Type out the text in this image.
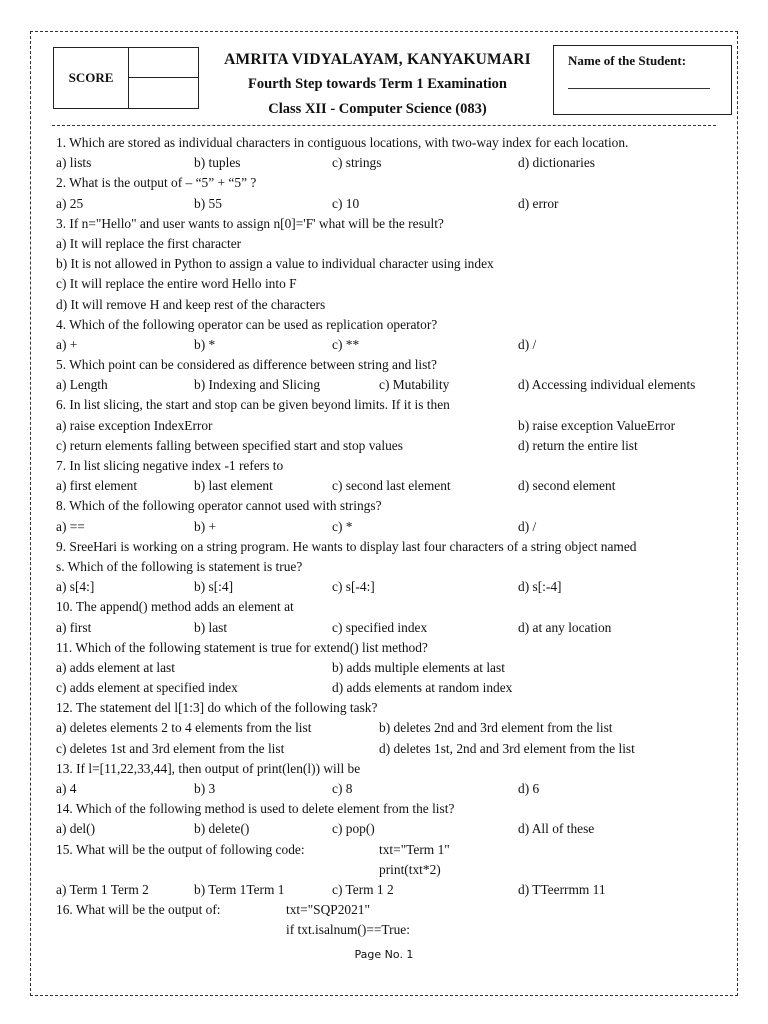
SCORE
AMRITA VIDYALAYAM, KANYAKUMARI
Fourth Step towards Term 1 Examination
Class XII - Computer Science (083)
Name of the Student:
1. Which are stored as individual characters in contiguous locations, with two-way index for each location.
a) lists	b) tuples	c) strings	d) dictionaries
2. What is the output of – “5” + “5” ?
a) 25	b) 55	c) 10	d) error
3. If n="Hello" and user wants to assign n[0]='F' what will be the result?
a) It will replace the first character
b) It is not allowed in Python to assign a value to individual character using index
c) It will replace the entire word Hello into F
d) It will remove H and keep rest of the characters
4. Which of the following operator can be used as replication operator?
a) +	b) *	c) **	d) /
5. Which point can be considered as difference between string and list?
a) Length	b) Indexing and Slicing	c) Mutability	d) Accessing individual elements
6. In list slicing, the start and stop can be given beyond limits. If it is then
a) raise exception IndexError	b) raise exception ValueError
c) return elements falling between specified start and stop values	d) return the entire list
7. In list slicing negative index -1 refers to
a) first element	b) last element	c) second last element	d) second element
8. Which of the following operator cannot used with strings?
a) ==	b) +	c) *	d) /
9. SreeHari is working on a string program. He wants to display last four characters of a string object named
s. Which of the following is statement is true?
a) s[4:]	b) s[:4]	c) s[-4:]	d) s[:-4]
10. The append() method adds an element at
a) first	b) last	c) specified index	d) at any location
11. Which of the following statement is true for extend() list method?
a) adds element at last	b) adds multiple elements at last
c) adds element at specified index	d) adds elements at random index
12. The statement del l[1:3] do which of the following task?
a) deletes elements 2 to 4 elements from the list	b) deletes 2nd and 3rd element from the list
c) deletes 1st and 3rd element from the list	d) deletes 1st, 2nd and 3rd element from the list
13. If l=[11,22,33,44], then output of print(len(l)) will be
a) 4	b) 3	c) 8	d) 6
14. Which of the following method is used to delete element from the list?
a) del()	b) delete()	c) pop()	d) All of these
15. What will be the output of following code:	txt="Term 1"
print(txt*2)
a) Term 1 Term 2	b) Term 1Term 1	c) Term 1 2	d) TTeerrmm 11
16. What will be the output of:	txt="SQP2021"
if txt.isalnum()==True:
Page No. 1
